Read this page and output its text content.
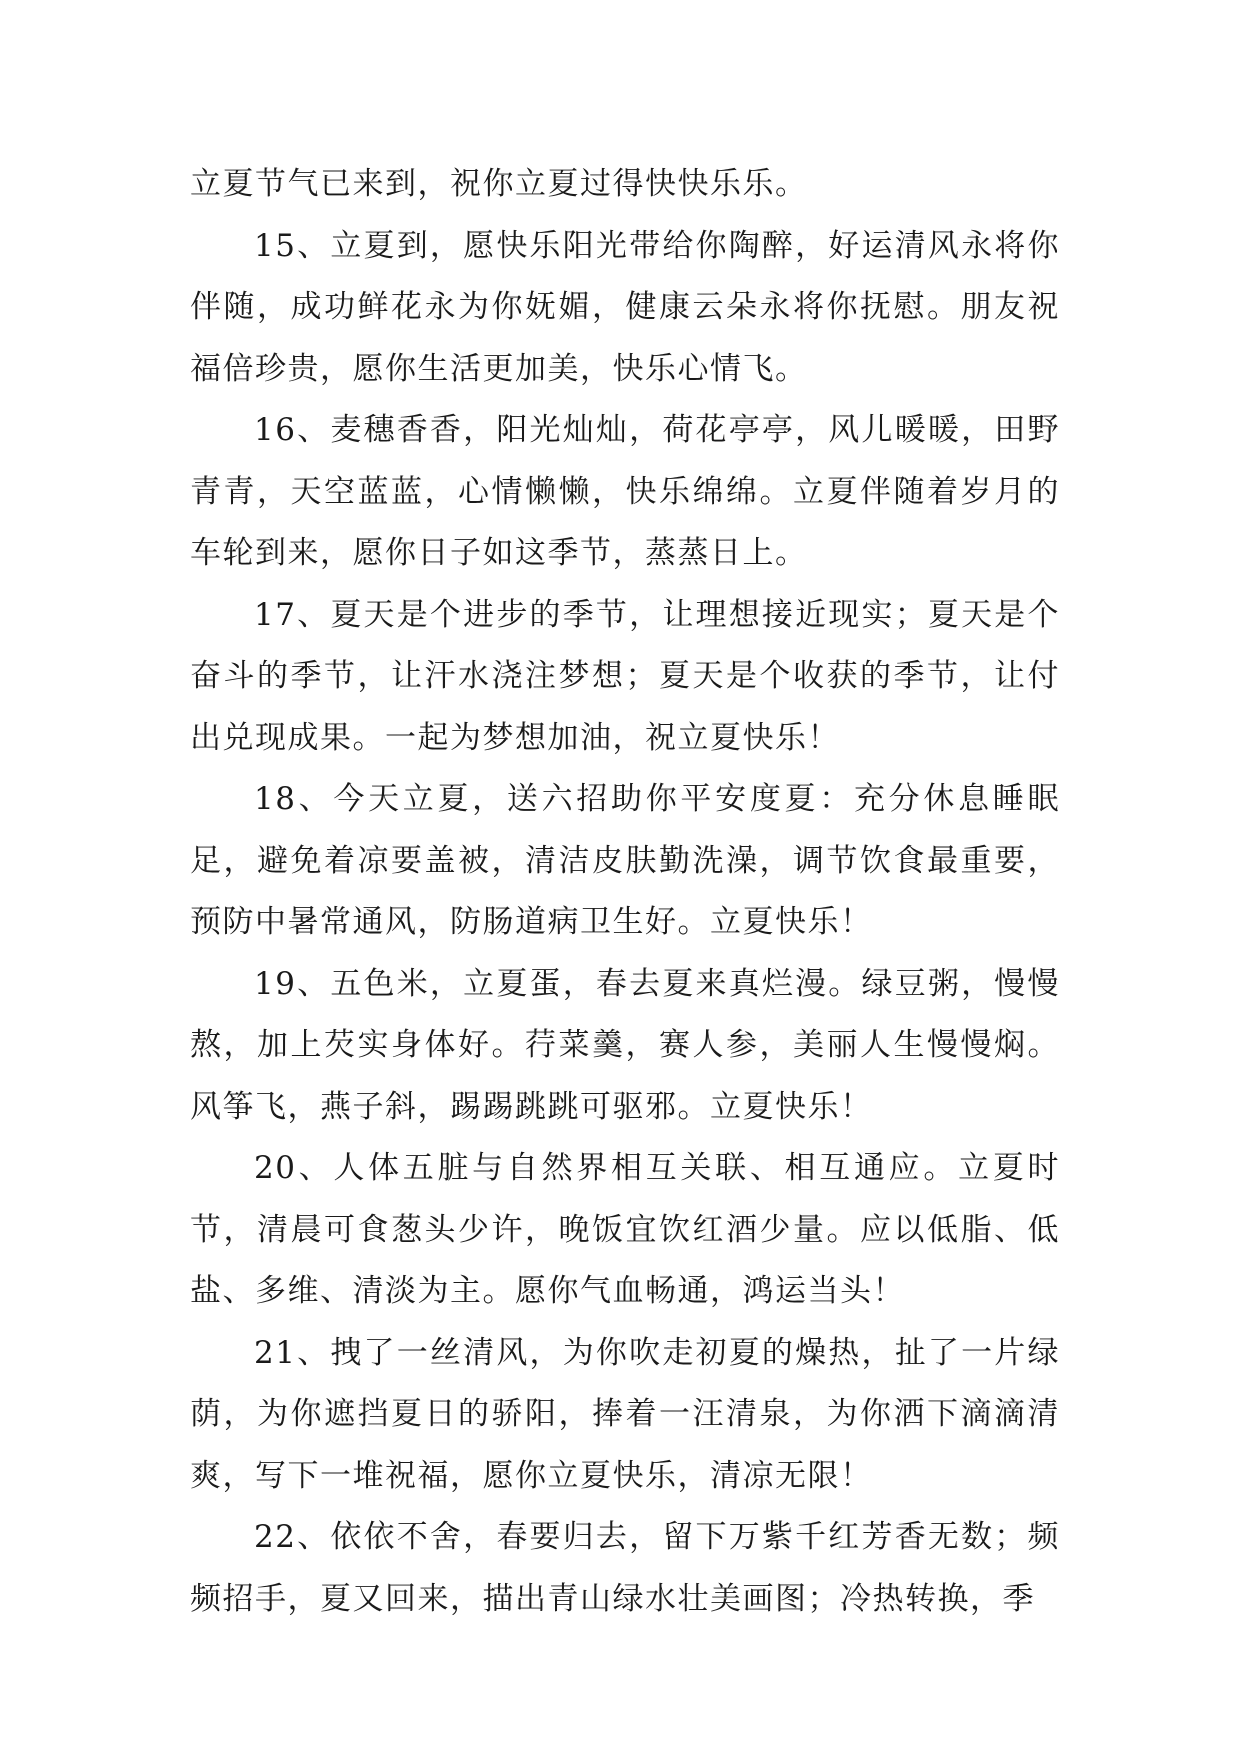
立夏节气已来到，祝你立夏过得快快乐乐。

15、立夏到，愿快乐阳光带给你陶醉，好运清风永将你伴随，成功鲜花永为你妩媚，健康云朵永将你抚慰。朋友祝福倍珍贵，愿你生活更加美，快乐心情飞。

16、麦穗香香，阳光灿灿，荷花亭亭，风儿暖暖，田野青青，天空蓝蓝，心情懒懒，快乐绵绵。立夏伴随着岁月的车轮到来，愿你日子如这季节，蒸蒸日上。

17、夏天是个进步的季节，让理想接近现实；夏天是个奋斗的季节，让汗水浇注梦想；夏天是个收获的季节，让付出兑现成果。一起为梦想加油，祝立夏快乐！

18、今天立夏，送六招助你平安度夏：充分休息睡眠足，避免着凉要盖被，清洁皮肤勤洗澡，调节饮食最重要，预防中暑常通风，防肠道病卫生好。立夏快乐！

19、五色米，立夏蛋，春去夏来真烂漫。绿豆粥，慢慢熬，加上芡实身体好。荇菜羹，赛人参，美丽人生慢慢焖。风筝飞，燕子斜，踢踢跳跳可驱邪。立夏快乐！

20、人体五脏与自然界相互关联、相互通应。立夏时节，清晨可食葱头少许，晚饭宜饮红酒少量。应以低脂、低盐、多维、清淡为主。愿你气血畅通，鸿运当头！

21、拽了一丝清风，为你吹走初夏的燥热，扯了一片绿荫，为你遮挡夏日的骄阳，捧着一汪清泉，为你洒下滴滴清爽，写下一堆祝福，愿你立夏快乐，清凉无限！

22、依依不舍，春要归去，留下万紫千红芳香无数；频频招手，夏又回来，描出青山绿水壮美画图；冷热转换，季
